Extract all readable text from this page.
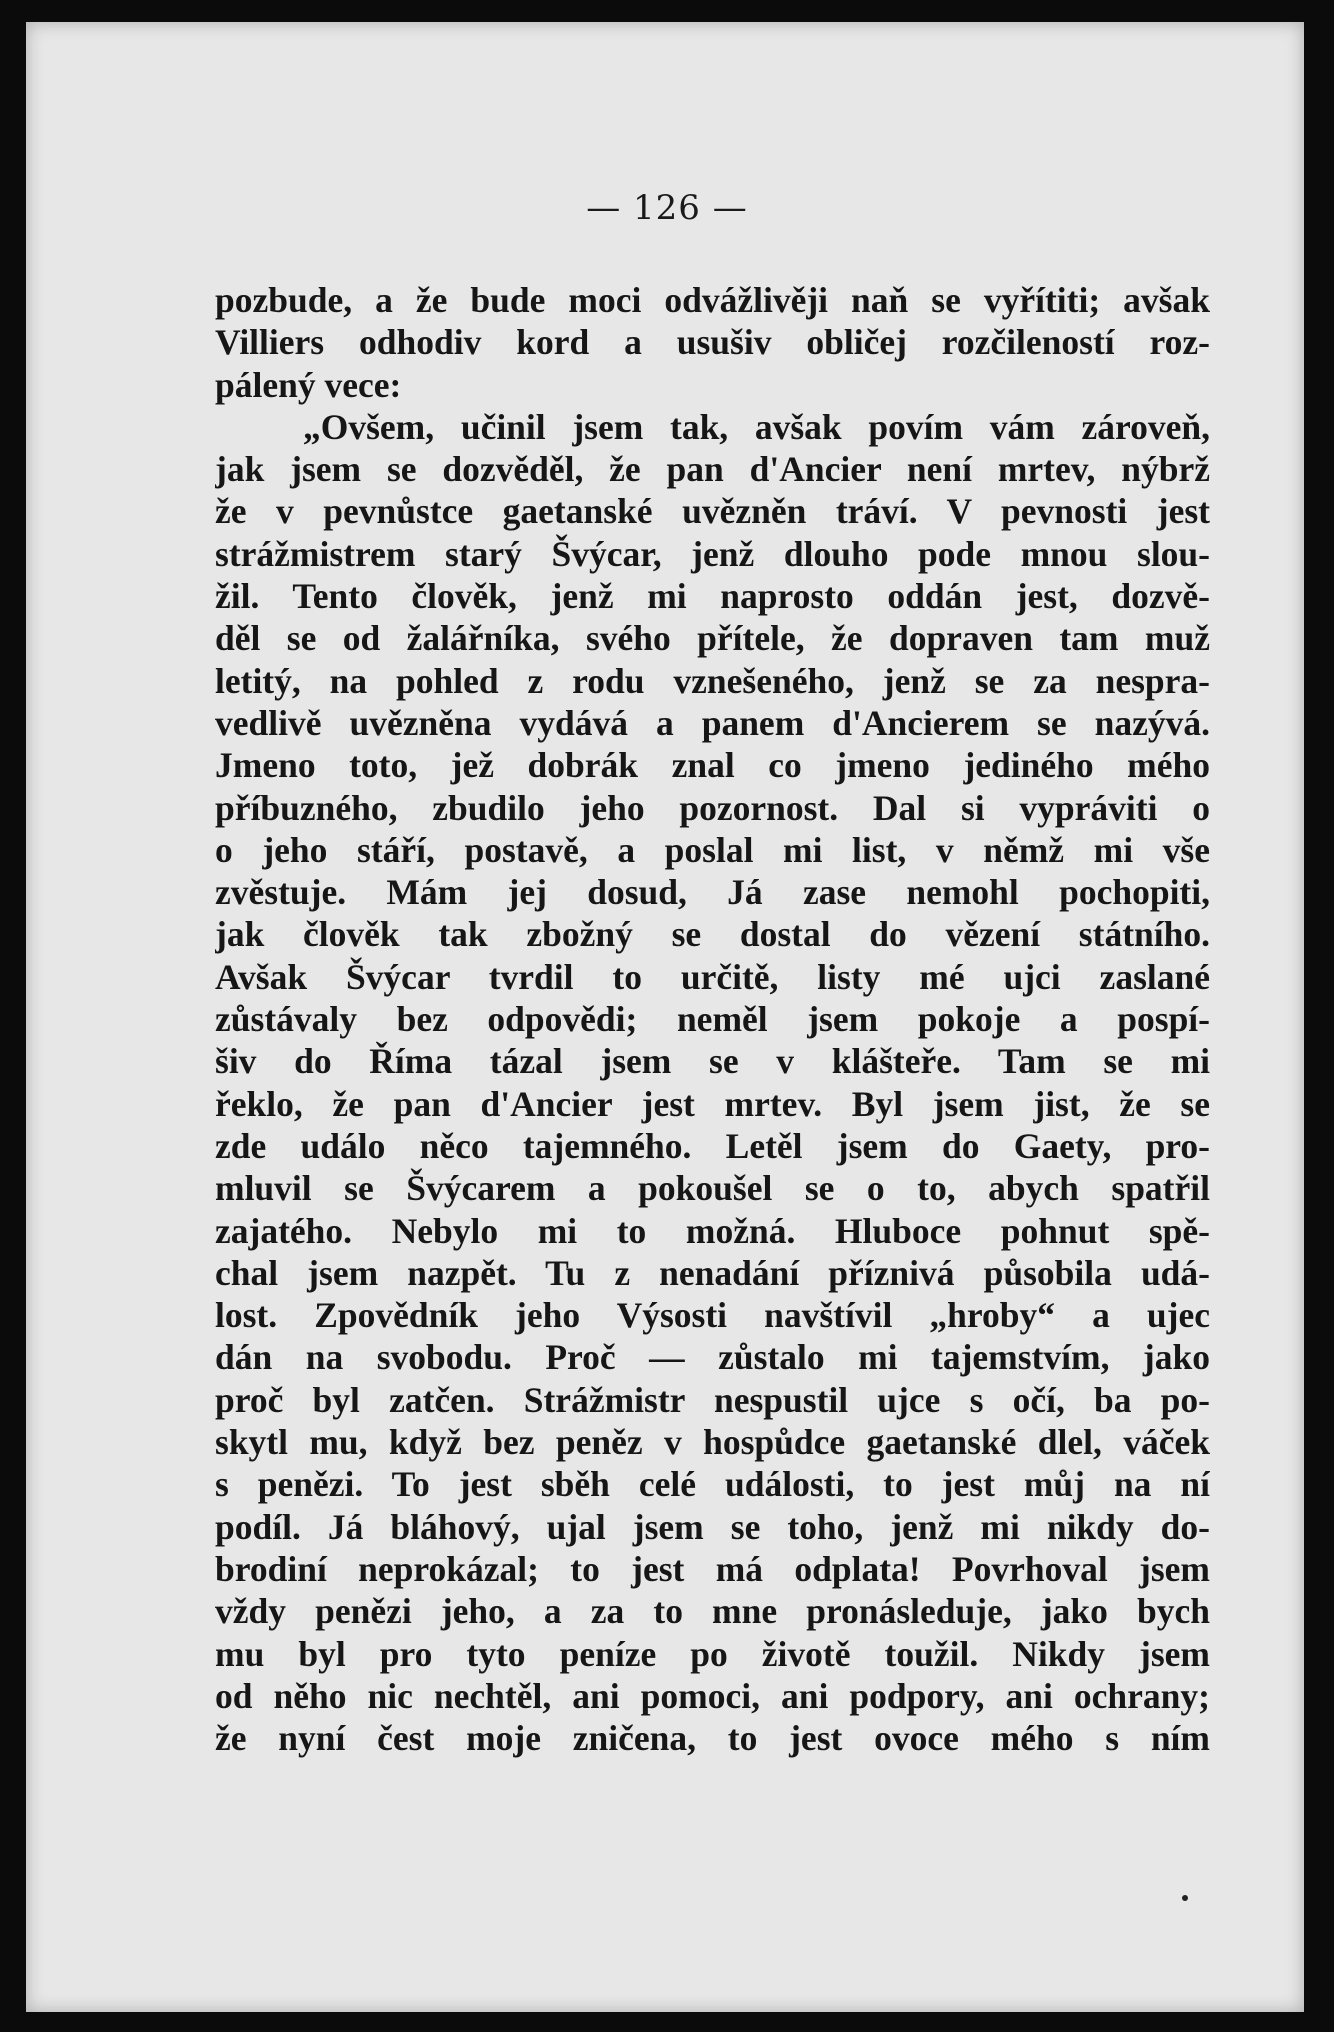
— 126 —
pozbude, a že bude moci odvážlivěji naň se vyřítiti; avšak
Villiers odhodiv kord a usušiv obličej rozčileností roz-
pálený vece:
„Ovšem, učinil jsem tak, avšak povím vám zároveň,
jak jsem se dozvěděl, že pan d'Ancier není mrtev, nýbrž
že v pevnůstce gaetanské uvězněn tráví. V pevnosti jest
strážmistrem starý Švýcar, jenž dlouho pode mnou slou-
žil. Tento člověk, jenž mi naprosto oddán jest, dozvě-
děl se od žalářníka, svého přítele, že dopraven tam muž
letitý, na pohled z rodu vznešeného, jenž se za nespra-
vedlivě uvězněna vydává a panem d'Ancierem se nazývá.
Jmeno toto, jež dobrák znal co jmeno jediného mého
příbuzného, zbudilo jeho pozornost. Dal si vypráviti o
o jeho stáří, postavě, a poslal mi list, v němž mi vše
zvěstuje. Mám jej dosud, Já zase nemohl pochopiti,
jak člověk tak zbožný se dostal do vězení státního.
Avšak Švýcar tvrdil to určitě, listy mé ujci zaslané
zůstávaly bez odpovědi; neměl jsem pokoje a pospí-
šiv do Říma tázal jsem se v klášteře. Tam se mi
řeklo, že pan d'Ancier jest mrtev. Byl jsem jist, že se
zde událo něco tajemného. Letěl jsem do Gaety, pro-
mluvil se Švýcarem a pokoušel se o to, abych spatřil
zajatého. Nebylo mi to možná. Hluboce pohnut spě-
chal jsem nazpět. Tu z nenadání příznivá působila udá-
lost. Zpovědník jeho Výsosti navštívil „hroby“ a ujec
dán na svobodu. Proč — zůstalo mi tajemstvím, jako
proč byl zatčen. Strážmistr nespustil ujce s očí, ba po-
skytl mu, když bez peněz v hospůdce gaetanské dlel, váček
s penězi. To jest sběh celé události, to jest můj na ní
podíl. Já bláhový, ujal jsem se toho, jenž mi nikdy do-
brodiní neprokázal; to jest má odplata! Povrhoval jsem
vždy penězi jeho, a za to mne pronásleduje, jako bych
mu byl pro tyto peníze po životě toužil. Nikdy jsem
od něho nic nechtěl, ani pomoci, ani podpory, ani ochrany;
že nyní čest moje zničena, to jest ovoce mého s ním
